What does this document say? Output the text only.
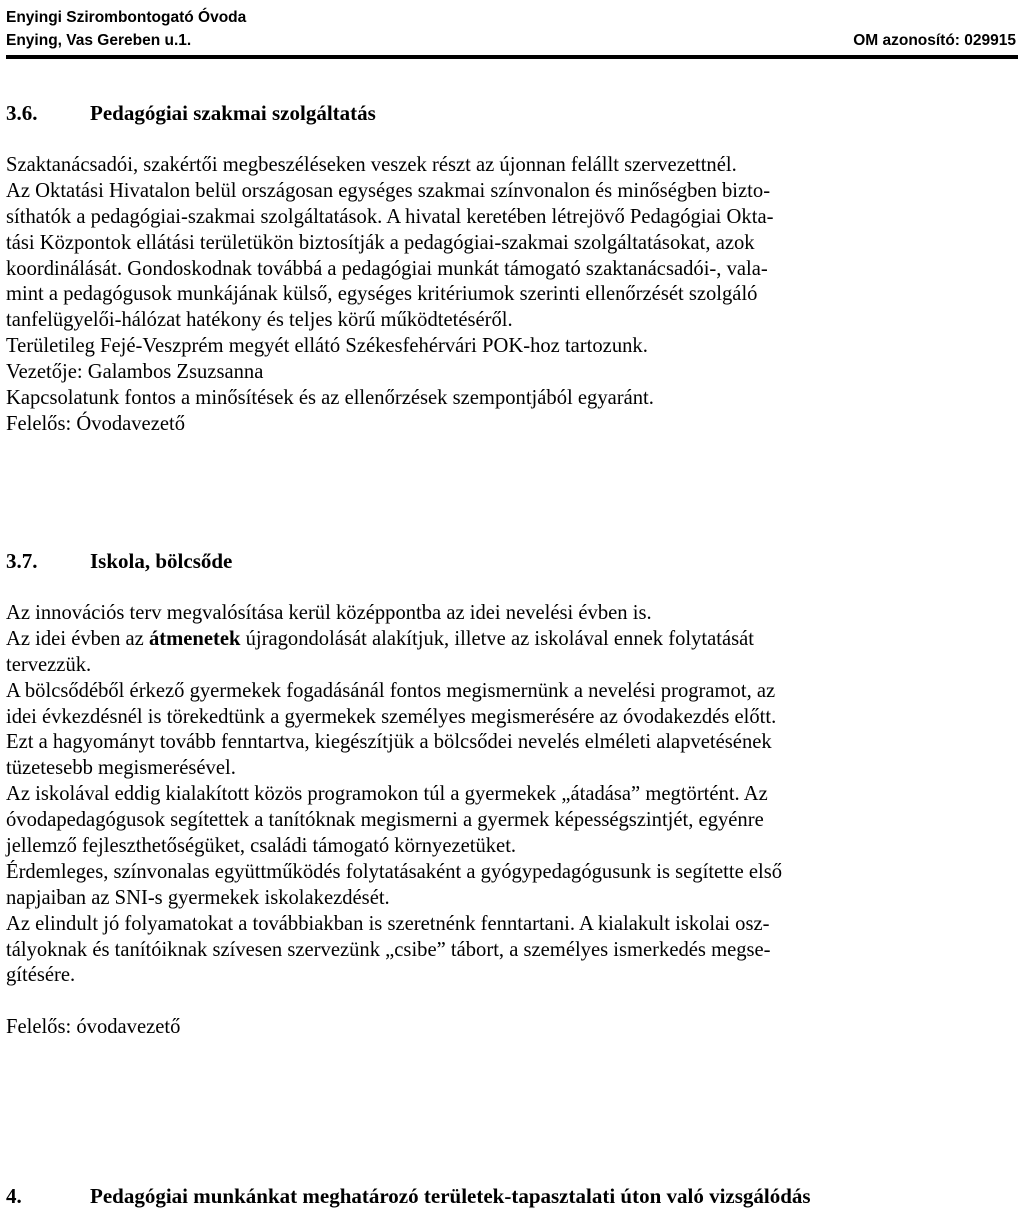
Enyingi Szirombontogató Óvoda
Enying, Vas Gereben u.1.	OM azonosító: 029915
3.6.	Pedagógiai szakmai szolgáltatás
Szaktanácsadói, szakértői megbeszéléseken veszek részt az újonnan felállt szervezettnél.
Az Oktatási Hivatalon belül országosan egységes szakmai színvonalon és minőségben bizto-
síthatók a pedagógiai-szakmai szolgáltatások. A hivatal keretében létrejövő Pedagógiai Okta-
tási Központok ellátási területükön biztosítják a pedagógiai-szakmai szolgáltatásokat, azok
koordinálását. Gondoskodnak továbbá a pedagógiai munkát támogató szaktanácsadói-, vala-
mint a pedagógusok munkájának külső, egységes kritériumok szerinti ellenőrzését szolgáló
tanfelügyelői-hálózat hatékony és teljes körű működtetéséről.
Területileg Fejé-Veszprém megyét ellátó Székesfehérvári POK-hoz tartozunk.
Vezetője: Galambos Zsuzsanna
Kapcsolatunk fontos a minősítések és az ellenőrzések szempontjából egyaránt.
Felelős: Óvodavezető
3.7.	Iskola, bölcsőde
Az innovációs terv megvalósítása kerül középpontba az idei nevelési évben is.
Az idei évben az átmenetek újragondolását alakítjuk, illetve az iskolával ennek folytatását
tervezzük.
A bölcsődéből érkező gyermekek fogadásánál fontos megismernünk a nevelési programot, az
idei évkezdésnél is törekedtünk a gyermekek személyes megismerésére az óvodakezdés előtt.
Ezt a hagyományt tovább fenntartva, kiegészítjük a bölcsődei nevelés elméleti alapvetésének
tüzetesebb megismerésével.
Az iskolával eddig kialakított közös programokon túl a gyermekek „átadása” megtörtént. Az
óvodapedagógusok segítettek a tanítóknak megismerni a gyermek képességszintjét, egyénre
jellemző fejleszthetőségüket, családi támogató környezetüket.
Érdemleges, színvonalas együttműködés folytatásaként a gyógypedagógusunk is segítette első
napjaiban az SNI-s gyermekek iskolakezdését.
Az elindult jó folyamatokat a továbbiakban is szeretnénk fenntartani. A kialakult iskolai osz-
tályoknak és tanítóiknak szívesen szervezünk „csibe” tábort, a személyes ismerkedés megse-
gítésére.
Felelős: óvodavezető
4.	Pedagógiai munkánkat meghatározó területek-tapasztalati úton való vizsgálódás
